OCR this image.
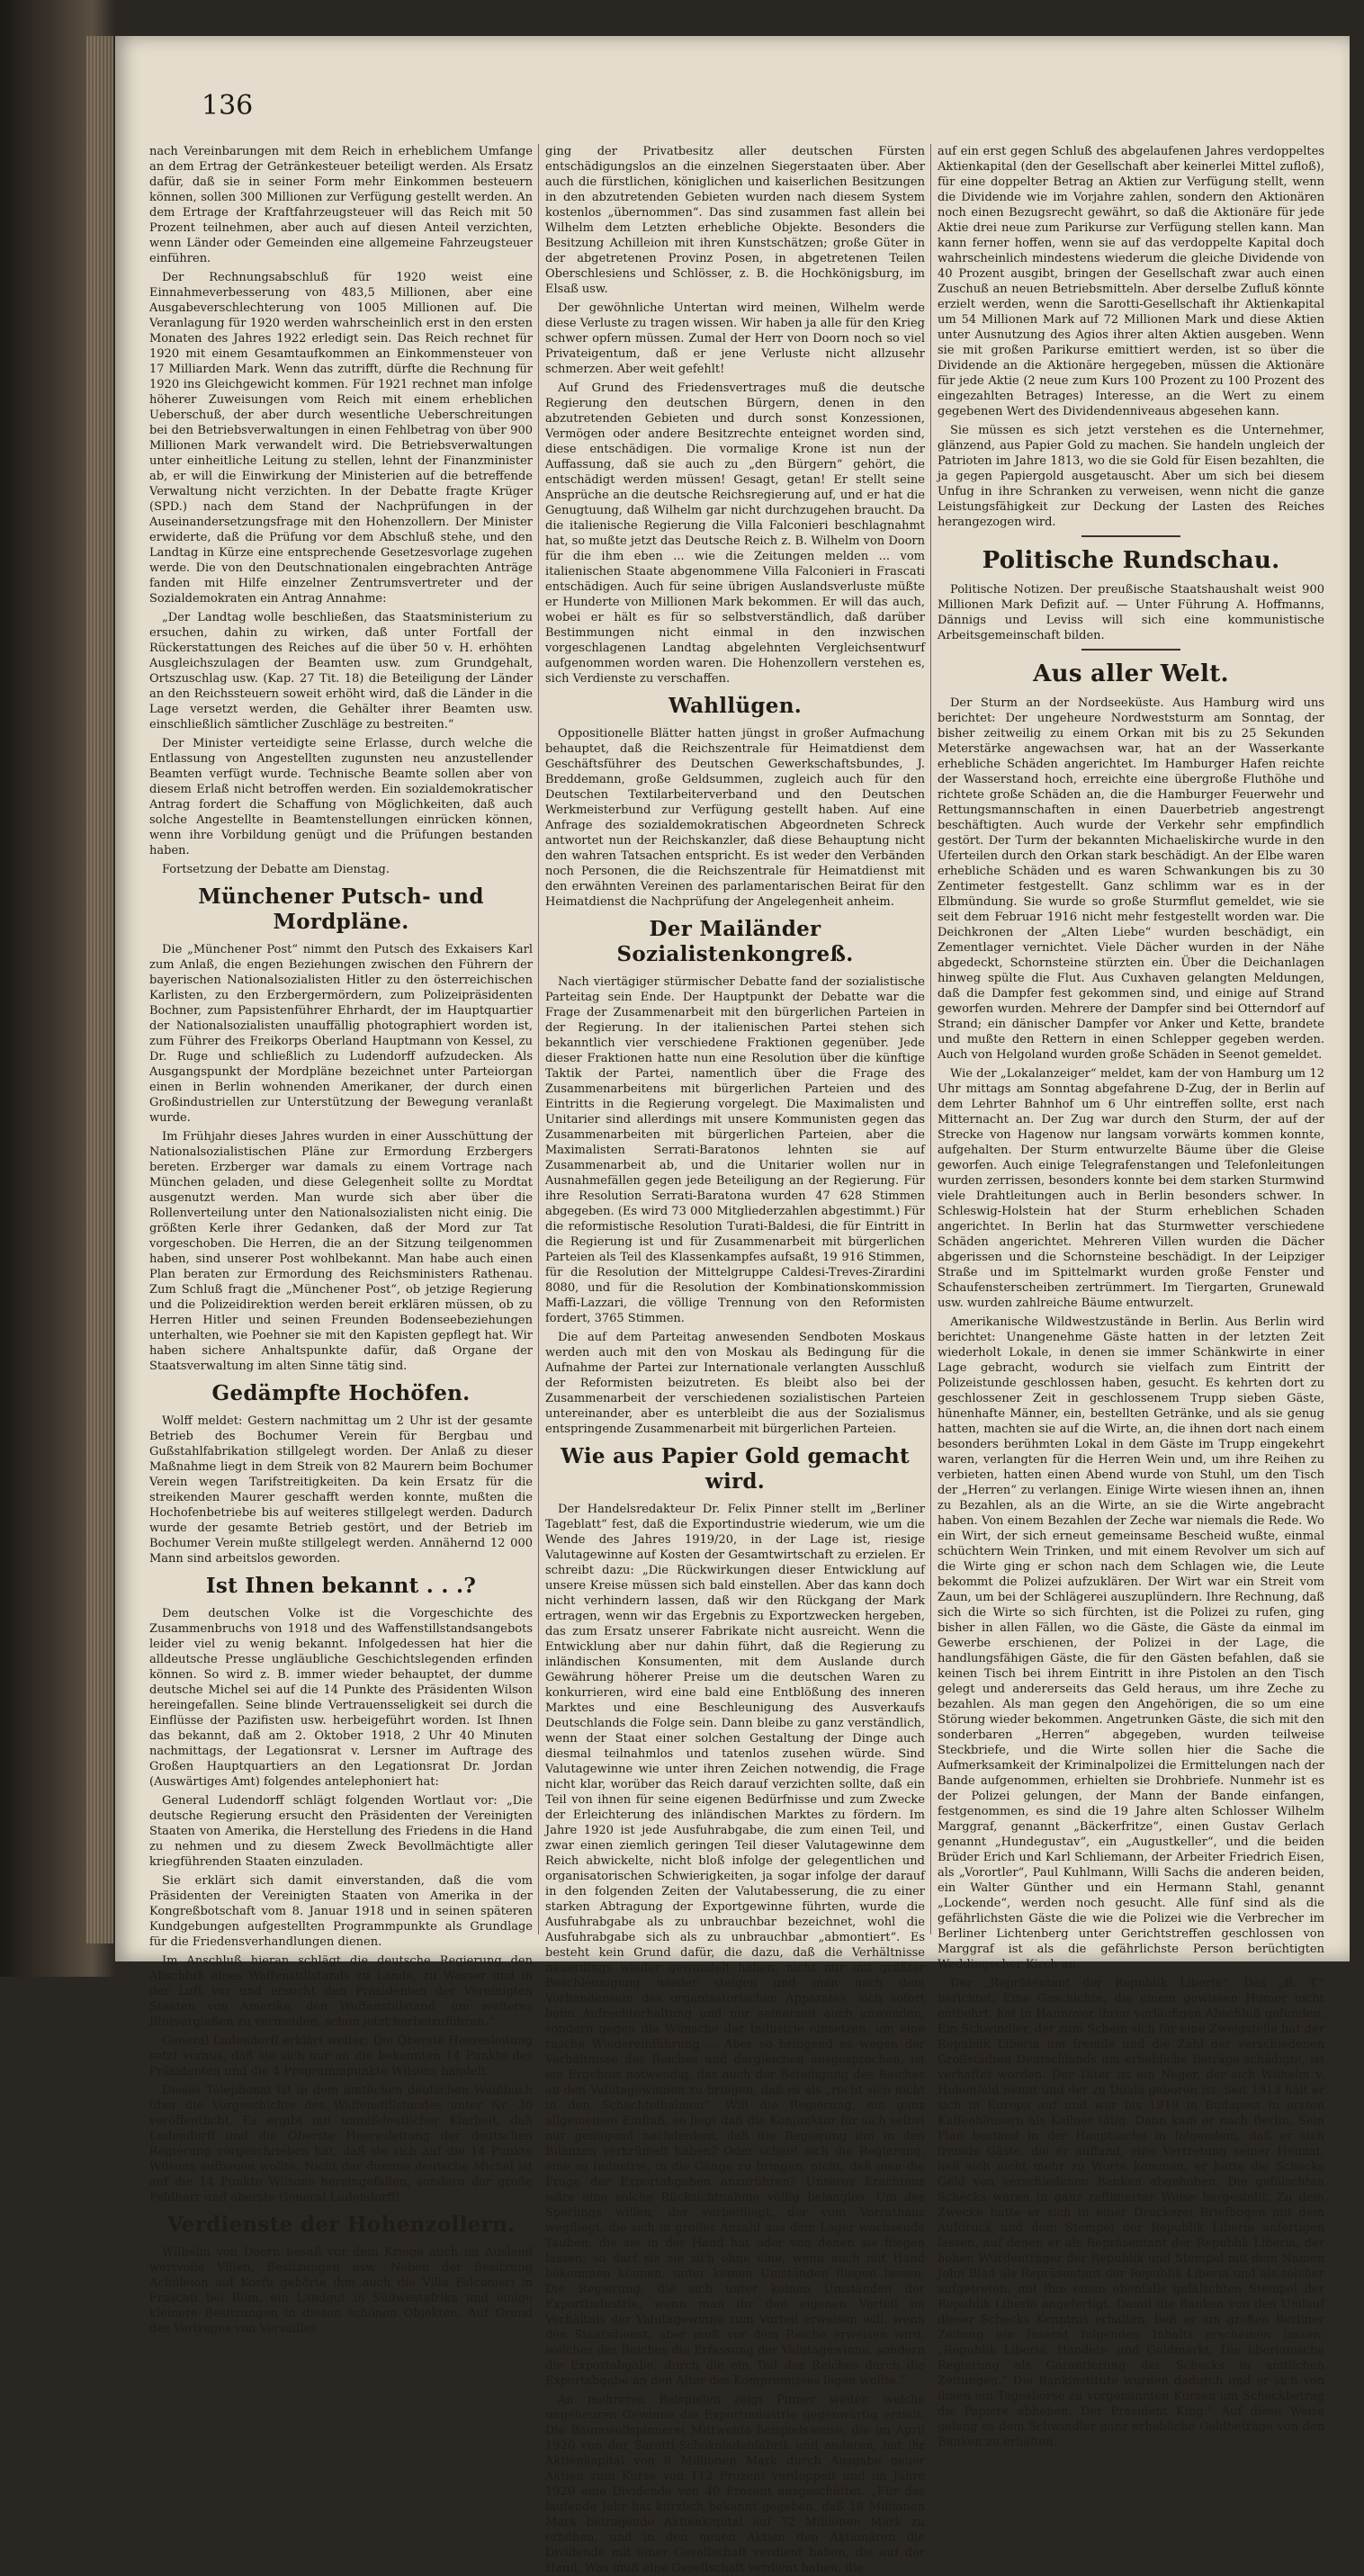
136

nach Vereinbarungen mit dem Reich in erheblichem Umfange an dem Ertrag der Getränkesteuer beteiligt werden. Als Ersatz dafür, daß sie in seiner Form mehr Einkommen besteuern können, sollen 300 Millionen zur Verfügung gestellt werden. An dem Ertrage der Kraftfahrzeugsteuer will das Reich mit 50 Prozent teilnehmen, aber auch auf diesen Anteil verzichten, wenn Länder oder Gemeinden eine allgemeine Fahrzeugsteuer einführen.

Der Rechnungsabschluß für 1920 weist eine Einnahmeverbesserung von 483,5 Millionen, aber eine Ausgabeverschlechterung von 1005 Millionen auf. Die Veranlagung für 1920 werden wahrscheinlich erst in den ersten Monaten des Jahres 1922 erledigt sein. Das Reich rechnet für 1920 mit einem Gesamtaufkommen an Einkommensteuer von 17 Milliarden Mark. Wenn das zutrifft, dürfte die Rechnung für 1920 ins Gleichgewicht kommen. Für 1921 rechnet man infolge höherer Zuweisungen vom Reich mit einem erheblichen Ueberschuß, der aber durch wesentliche Ueberschreitungen bei den Betriebsverwaltungen in einen Fehlbetrag von über 900 Millionen Mark verwandelt wird. Die Betriebsverwaltungen unter einheitliche Leitung zu stellen, lehnt der Finanzminister ab, er will die Einwirkung der Ministerien auf die betreffende Verwaltung nicht verzichten. In der Debatte fragte Krüger (SPD.) nach dem Stand der Nachprüfungen in der Auseinandersetzungsfrage mit den Hohenzollern. Der Minister erwiderte, daß die Prüfung vor dem Abschluß stehe, und den Landtag in Kürze eine entsprechende Gesetzesvorlage zugehen werde. Die von den Deutschnationalen eingebrachten Anträge fanden mit Hilfe einzelner Zentrumsvertreter und der Sozialdemokraten ein Antrag Annahme:

„Der Landtag wolle beschließen, das Staatsministerium zu ersuchen, dahin zu wirken, daß unter Fortfall der Rückerstattungen des Reiches auf die über 50 v. H. erhöhten Ausgleichszulagen der Beamten usw. zum Grundgehalt, Ortszuschlag usw. (Kap. 27 Tit. 18) die Beteiligung der Länder an den Reichssteuern soweit erhöht wird, daß die Länder in die Lage versetzt werden, die Gehälter ihrer Beamten usw. einschließlich sämtlicher Zuschläge zu bestreiten.“

Der Minister verteidigte seine Erlasse, durch welche die Entlassung von Angestellten zugunsten neu anzustellender Beamten verfügt wurde. Technische Beamte sollen aber von diesem Erlaß nicht betroffen werden. Ein sozialdemokratischer Antrag fordert die Schaffung von Möglichkeiten, daß auch solche Angestellte in Beamtenstellungen einrücken können, wenn ihre Vorbildung genügt und die Prüfungen bestanden haben.

Fortsetzung der Debatte am Dienstag.

Münchener Putsch- und Mordpläne.

Die „Münchener Post“ nimmt den Putsch des Exkaisers Karl zum Anlaß, die engen Beziehungen zwischen den Führern der bayerischen Nationalsozialisten Hitler zu den österreichischen Karlisten, zu den Erzbergermördern, zum Polizeipräsidenten Bochner, zum Papsistenführer Ehrhardt, der im Hauptquartier der Nationalsozialisten unauffällig photographiert worden ist, zum Führer des Freikorps Oberland Hauptmann von Kessel, zu Dr. Ruge und schließlich zu Ludendorff aufzudecken. Als Ausgangspunkt der Mordpläne bezeichnet unter Parteiorgan einen in Berlin wohnenden Amerikaner, der durch einen Großindustriellen zur Unterstützung der Bewegung veranlaßt wurde.

Im Frühjahr dieses Jahres wurden in einer Ausschüttung der Nationalsozialistischen Pläne zur Ermordung Erzbergers bereten. Erzberger war damals zu einem Vortrage nach München geladen, und diese Gelegenheit sollte zu Mordtat ausgenutzt werden. Man wurde sich aber über die Rollenverteilung unter den Nationalsozialisten nicht einig. Die größten Kerle ihrer Gedanken, daß der Mord zur Tat vorgeschoben. Die Herren, die an der Sitzung teilgenommen haben, sind unserer Post wohlbekannt. Man habe auch einen Plan beraten zur Ermordung des Reichsministers Rathenau. Zum Schluß fragt die „Münchener Post“, ob jetzige Regierung und die Polizeidirektion werden bereit erklären müssen, ob zu Herren Hitler und seinen Freunden Bodenseebeziehungen unterhalten, wie Poehner sie mit den Kapisten gepflegt hat. Wir haben sichere Anhaltspunkte dafür, daß Organe der Staatsverwaltung im alten Sinne tätig sind.

Gedämpfte Hochöfen.

Wolff meldet: Gestern nachmittag um 2 Uhr ist der gesamte Betrieb des Bochumer Verein für Bergbau und Gußstahlfabrikation stillgelegt worden. Der Anlaß zu dieser Maßnahme liegt in dem Streik von 82 Maurern beim Bochumer Verein wegen Tarifstreitigkeiten. Da kein Ersatz für die streikenden Maurer geschafft werden konnte, mußten die Hochofenbetriebe bis auf weiteres stillgelegt werden. Dadurch wurde der gesamte Betrieb gestört, und der Betrieb im Bochumer Verein mußte stillgelegt werden. Annähernd 12 000 Mann sind arbeitslos geworden.

Ist Ihnen bekannt . . .?

Dem deutschen Volke ist die Vorgeschichte des Zusammenbruchs von 1918 und des Waffenstillstandsangebots leider viel zu wenig bekannt. Infolgedessen hat hier die alldeutsche Presse ungläubliche Geschichtslegenden erfinden können. So wird z. B. immer wieder behauptet, der dumme deutsche Michel sei auf die 14 Punkte des Präsidenten Wilson hereingefallen. Seine blinde Vertrauensseligkeit sei durch die Einflüsse der Pazifisten usw. herbeigeführt worden. Ist Ihnen das bekannt, daß am 2. Oktober 1918, 2 Uhr 40 Minuten nachmittags, der Legationsrat v. Lersner im Auftrage des Großen Hauptquartiers an den Legationsrat Dr. Jordan (Auswärtiges Amt) folgendes antelephoniert hat:

General Ludendorff schlägt folgenden Wortlaut vor: „Die deutsche Regierung ersucht den Präsidenten der Vereinigten Staaten von Amerika, die Herstellung des Friedens in die Hand zu nehmen und zu diesem Zweck Bevollmächtigte aller kriegführenden Staaten einzuladen.

Sie erklärt sich damit einverstanden, daß die vom Präsidenten der Vereinigten Staaten von Amerika in der Kongreßbotschaft vom 8. Januar 1918 und in seinen späteren Kundgebungen aufgestellten Programmpunkte als Grundlage für die Friedensverhandlungen dienen.

Im Anschluß hieran schlägt die deutsche Regierung den Abschluß eines Waffenstillstands zu Lande, zu Wasser und in der Luft vor und ersucht den Präsidenten der Vereinigten Staaten von Amerika, den Waffenstillstand, um weiteres Blutvergießen zu vermeiden, schon jetzt herbeizuführen.“

General Ludendorff erklärt weiter: Die Oberste Heeresleitung setzt voraus, daß sie sich nur an die bekannten 14 Punkte des Präsidenten und die 4 Programmpunkte Wilsons handelt.

Dieses Telephonat ist in dem amtlichen deutschen Weißbuch über die Vorgeschichte des Waffenstillstandes unter Nr. 30 veröffentlicht. Es ergibt mit unmißdeutlicher Klarheit, daß Ludendorff und die Oberste Heeresleitung der deutschen Regierung vorgeschrieben hat, daß sie sich auf die 14 Punkte Wilsons aufbauen wollte. Nicht der dumme deutsche Michel ist auf die 14 Punkte Wilsons hereingefallen, sondern der große Feldherr und oberste General Ludendorff!

Verdienste der Hohenzollern.

Wilhelm von Doorn besaß vor dem Kriege auch im Ausland wertvolle Villen, Besitzungen usw. Neben der Besitzung Achilleion auf Korfu gehörte ihm auch die Villa Falconieri in Frascati bei Rom, ein Landgut in Südwestafrika und einige kleinere Besitzungen in diesen schönen Objekten. Auf Grund des Vertrages von Versailles

ging der Privatbesitz aller deutschen Fürsten entschädigungslos an die einzelnen Siegerstaaten über. Aber auch die fürstlichen, königlichen und kaiserlichen Besitzungen in den abzutretenden Gebieten wurden nach diesem System kostenlos „übernommen“. Das sind zusammen fast allein bei Wilhelm dem Letzten erhebliche Objekte. Besonders die Besitzung Achilleion mit ihren Kunstschätzen; große Güter in der abgetretenen Provinz Posen, in abgetretenen Teilen Oberschlesiens und Schlösser, z. B. die Hochkönigsburg, im Elsaß usw.

Der gewöhnliche Untertan wird meinen, Wilhelm werde diese Verluste zu tragen wissen. Wir haben ja alle für den Krieg schwer opfern müssen. Zumal der Herr von Doorn noch so viel Privateigentum, daß er jene Verluste nicht allzusehr schmerzen. Aber weit gefehlt!

Auf Grund des Friedensvertrages muß die deutsche Regierung den deutschen Bürgern, denen in den abzutretenden Gebieten und durch sonst Konzessionen, Vermögen oder andere Besitzrechte enteignet worden sind, diese entschädigen. Die vormalige Krone ist nun der Auffassung, daß sie auch zu „den Bürgern“ gehört, die entschädigt werden müssen! Gesagt, getan! Er stellt seine Ansprüche an die deutsche Reichsregierung auf, und er hat die Genugtuung, daß Wilhelm gar nicht durchzugehen braucht. Da die italienische Regierung die Villa Falconieri beschlagnahmt hat, so mußte jetzt das Deutsche Reich z. B. Wilhelm von Doorn für die ihm eben ... wie die Zeitungen melden ... vom italienischen Staate abgenommene Villa Falconieri in Frascati entschädigen. Auch für seine übrigen Auslandsverluste müßte er Hunderte von Millionen Mark bekommen. Er will das auch, wobei er hält es für so selbstverständlich, daß darüber Bestimmungen nicht einmal in den inzwischen vorgeschlagenen Landtag abgelehnten Vergleichsentwurf aufgenommen worden waren. Die Hohenzollern verstehen es, sich Verdienste zu verschaffen.

Wahllügen.

Oppositionelle Blätter hatten jüngst in großer Aufmachung behauptet, daß die Reichszentrale für Heimatdienst dem Geschäftsführer des Deutschen Gewerkschaftsbundes, J. Breddemann, große Geldsummen, zugleich auch für den Deutschen Textilarbeiterverband und den Deutschen Werkmeisterbund zur Verfügung gestellt haben. Auf eine Anfrage des sozialdemokratischen Abgeordneten Schreck antwortet nun der Reichskanzler, daß diese Behauptung nicht den wahren Tatsachen entspricht. Es ist weder den Verbänden noch Personen, die die Reichszentrale für Heimatdienst mit den erwähnten Vereinen des parlamentarischen Beirat für den Heimatdienst die Nachprüfung der Angelegenheit anheim.

Der Mailänder Sozialistenkongreß.

Nach viertägiger stürmischer Debatte fand der sozialistische Parteitag sein Ende. Der Hauptpunkt der Debatte war die Frage der Zusammenarbeit mit den bürgerlichen Parteien in der Regierung. In der italienischen Partei stehen sich bekanntlich vier verschiedene Fraktionen gegenüber. Jede dieser Fraktionen hatte nun eine Resolution über die künftige Taktik der Partei, namentlich über die Frage des Zusammenarbeitens mit bürgerlichen Parteien und des Eintritts in die Regierung vorgelegt. Die Maximalisten und Unitarier sind allerdings mit unsere Kommunisten gegen das Zusammenarbeiten mit bürgerlichen Parteien, aber die Maximalisten Serrati-Baratonos lehnten sie auf Zusammenarbeit ab, und die Unitarier wollen nur in Ausnahmefällen gegen jede Beteiligung an der Regierung. Für ihre Resolution Serrati-Baratona wurden 47 628 Stimmen abgegeben. (Es wird 73 000 Mitgliederzahlen abgestimmt.) Für die reformistische Resolution Turati-Baldesi, die für Eintritt in die Regierung ist und für Zusammenarbeit mit bürgerlichen Parteien als Teil des Klassenkampfes aufsaßt, 19 916 Stimmen, für die Resolution der Mittelgruppe Caldesi-Treves-Zirardini 8080, und für die Resolution der Kombinationskommission Maffi-Lazzari, die völlige Trennung von den Reformisten fordert, 3765 Stimmen.

Die auf dem Parteitag anwesenden Sendboten Moskaus werden auch mit den von Moskau als Bedingung für die Aufnahme der Partei zur Internationale verlangten Ausschluß der Reformisten beizutreten. Es bleibt also bei der Zusammenarbeit der verschiedenen sozialistischen Parteien untereinander, aber es unterbleibt die aus der Sozialismus entspringende Zusammenarbeit mit bürgerlichen Parteien.

Wie aus Papier Gold gemacht wird.

Der Handelsredakteur Dr. Felix Pinner stellt im „Berliner Tageblatt“ fest, daß die Exportindustrie wiederum, wie um die Wende des Jahres 1919/20, in der Lage ist, riesige Valutagewinne auf Kosten der Gesamtwirtschaft zu erzielen. Er schreibt dazu: „Die Rückwirkungen dieser Entwicklung auf unsere Kreise müssen sich bald einstellen. Aber das kann doch nicht verhindern lassen, daß wir den Rückgang der Mark ertragen, wenn wir das Ergebnis zu Exportzwecken hergeben, das zum Ersatz unserer Fabrikate nicht ausreicht. Wenn die Entwicklung aber nur dahin führt, daß die Regierung zu inländischen Konsumenten, mit dem Auslande durch Gewährung höherer Preise um die deutschen Waren zu konkurrieren, wird eine bald eine Entblößung des inneren Marktes und eine Beschleunigung des Ausverkaufs Deutschlands die Folge sein. Dann bleibe zu ganz verständlich, wenn der Staat einer solchen Gestaltung der Dinge auch diesmal teilnahmlos und tatenlos zusehen würde. Sind Valutagewinne wie unter ihren Zeichen notwendig, die Frage nicht klar, worüber das Reich darauf verzichten sollte, daß ein Teil von ihnen für seine eigenen Bedürfnisse und zum Zwecke der Erleichterung des inländischen Marktes zu fördern. Im Jahre 1920 ist jede Ausfuhrabgabe, die zum einen Teil, und zwar einen ziemlich geringen Teil dieser Valutagewinne dem Reich abwickelte, nicht bloß infolge der gelegentlichen und organisatorischen Schwierigkeiten, ja sogar infolge der darauf in den folgenden Zeiten der Valutabesserung, die zu einer starken Abtragung der Exportgewinne führten, wurde die Ausfuhrabgabe als zu unbrauchbar bezeichnet, wohl die Ausfuhrabgabe sich als zu unbrauchbar „abmontiert“. Es besteht kein Grund dafür, die dazu, daß die Verhältnisse neuerdings wieder gewandelt haben, nicht nur mit größter Beschleunigung wieder steigen und man nach dem Vorhandensein des organisatorischen Apparates, sich sofort beim Aufrechterhaltung und nur seinerzeit auch anwenden, sondern gegen die Wünsche der Industrie einsetzen, um eine rasche Wiedereinführung ... Aber so bringend es wegen der Verhältnisse des Reiches und dergleichen ausgesprochen, ist ein Ergebnis notwendig, das auch der Beteiligung des Reiches an den Valutagewinnen zu bringen, daß es als „recht sich nicht in den Schachtelhalmen“. Will die Regierung, ein ganz allgemeinen Einfluß, so liegt daß die Konjunktur für sich selbst nur genügend nachdenken, daß die Regierung ihn in den Bilanzen verkrümelt haben? Oder scheut sich die Regierung, eine so Industrie, in die Gänge zu bringen, nicht, daß man die Frage der Exportabgaben anzurühren? Unseres Erachtens wäre eine solche Rücksichtnahme völlig belanglos. Um des Sperlings willen, der vorbeifliegt, der vom Vorrathaus wegfliegt, die sich in großer Anzahl aus dem Lager wachsende Tauben, die sie in der Hand hat oder von denen sie fliegen lassen, so darf sie sie sich ohne eine, wenn auch mit Hand bekommen können, unter keinen Umständen fliegen lassen. Die Regierung, die sich unter keinen Umständen der Exportindustrie, wenn man ihr den eigenen Vorteil im Verhältnis der Valutagewinne zum Vorteil erweisen will, wenn den Staatsdienst, aber muß vor dem Reiche erweisen wird, welches des Reiches die Erfassung der Valutagewinne, sondern die Exportabgabe, durch die ein Teil des Reiches durch die Exportabgabe an den Alter des Kompromisses legen wollte.“

An mehreren Beispielen zeigt Pinner weiter, welche ungeheuren Gewinne die Exportindustrie gegenwärtig erzielt. Die Baumwollspinnerei Mittweida beispielsweise, die im April 1920 von der Sarotti-Schokoladenfabrik und anderen, hat ihr Aktienkapital von 8 Millionen Mark durch Ausgabe neuer Aktien zum Kurse von 112 Prozent verdoppelt und im Jahre 1920 eine Dividende von 40 Prozent ausgeschüttet. „Für das laufende Jahr hat kürzlich bekannt gegeben, daß 18 Millionen Mark betragende Aktienkapital auf 72 Millionen Mark zu erhöhen, und in den neuen Aktien den Aktionären die Dividende mit einer Gesellschaft verdient haben, die auf der Hand, Was muß eine Gesellschaft verdient haben, die

auf ein erst gegen Schluß des abgelaufenen Jahres verdoppeltes Aktienkapital (den der Gesellschaft aber keinerlei Mittel zufloß), für eine doppelter Betrag an Aktien zur Verfügung stellt, wenn die Dividende wie im Vorjahre zahlen, sondern den Aktionären noch einen Bezugsrecht gewährt, so daß die Aktionäre für jede Aktie drei neue zum Parikurse zur Verfügung stellen kann. Man kann ferner hoffen, wenn sie auf das verdoppelte Kapital doch wahrscheinlich mindestens wiederum die gleiche Dividende von 40 Prozent ausgibt, bringen der Gesellschaft zwar auch einen Zuschuß an neuen Betriebsmitteln. Aber derselbe Zufluß könnte erzielt werden, wenn die Sarotti-Gesellschaft ihr Aktienkapital um 54 Millionen Mark auf 72 Millionen Mark und diese Aktien unter Ausnutzung des Agios ihrer alten Aktien ausgeben. Wenn sie mit großen Parikurse emittiert werden, ist so über die Dividende an die Aktionäre hergegeben, müssen die Aktionäre für jede Aktie (2 neue zum Kurs 100 Prozent zu 100 Prozent des eingezahlten Betrages) Interesse, an die Wert zu einem gegebenen Wert des Dividendenniveaus abgesehen kann.

Sie müssen es sich jetzt verstehen es die Unternehmer, glänzend, aus Papier Gold zu machen. Sie handeln ungleich der Patrioten im Jahre 1813, wo die sie Gold für Eisen bezahlten, die ja gegen Papiergold ausgetauscht. Aber um sich bei diesem Unfug in ihre Schranken zu verweisen, wenn nicht die ganze Leistungsfähigkeit zur Deckung der Lasten des Reiches herangezogen wird.

Politische Rundschau.

Politische Notizen. Der preußische Staatshaushalt weist 900 Millionen Mark Defizit auf. — Unter Führung A. Hoffmanns, Dännigs und Leviss will sich eine kommunistische Arbeitsgemeinschaft bilden.

Aus aller Welt.

Der Sturm an der Nordseeküste. Aus Hamburg wird uns berichtet: Der ungeheure Nordweststurm am Sonntag, der bisher zeitweilig zu einem Orkan mit bis zu 25 Sekunden Meterstärke angewachsen war, hat an der Wasserkante erhebliche Schäden angerichtet. Im Hamburger Hafen reichte der Wasserstand hoch, erreichte eine übergroße Fluthöhe und richtete große Schäden an, die die Hamburger Feuerwehr und Rettungsmannschaften in einen Dauerbetrieb angestrengt beschäftigten. Auch wurde der Verkehr sehr empfindlich gestört. Der Turm der bekannten Michaeliskirche wurde in den Uferteilen durch den Orkan stark beschädigt. An der Elbe waren erhebliche Schäden und es waren Schwankungen bis zu 30 Zentimeter festgestellt. Ganz schlimm war es in der Elbmündung. Sie wurde so große Sturmflut gemeldet, wie sie seit dem Februar 1916 nicht mehr festgestellt worden war. Die Deichkronen der „Alten Liebe“ wurden beschädigt, ein Zementlager vernichtet. Viele Dächer wurden in der Nähe abgedeckt, Schornsteine stürzten ein. Über die Deichanlagen hinweg spülte die Flut. Aus Cuxhaven gelangten Meldungen, daß die Dampfer fest gekommen sind, und einige auf Strand geworfen wurden. Mehrere der Dampfer sind bei Otterndorf auf Strand; ein dänischer Dampfer vor Anker und Kette, brandete und mußte den Rettern in einen Schlepper gegeben werden. Auch von Helgoland wurden große Schäden in Seenot gemeldet.

Wie der „Lokalanzeiger“ meldet, kam der von Hamburg um 12 Uhr mittags am Sonntag abgefahrene D-Zug, der in Berlin auf dem Lehrter Bahnhof um 6 Uhr eintreffen sollte, erst nach Mitternacht an. Der Zug war durch den Sturm, der auf der Strecke von Hagenow nur langsam vorwärts kommen konnte, aufgehalten. Der Sturm entwurzelte Bäume über die Gleise geworfen. Auch einige Telegrafenstangen und Telefonleitungen wurden zerrissen, besonders konnte bei dem starken Sturmwind viele Drahtleitungen auch in Berlin besonders schwer. In Schleswig-Holstein hat der Sturm erheblichen Schaden angerichtet. In Berlin hat das Sturmwetter verschiedene Schäden angerichtet. Mehreren Villen wurden die Dächer abgerissen und die Schornsteine beschädigt. In der Leipziger Straße und im Spittelmarkt wurden große Fenster und Schaufensterscheiben zertrümmert. Im Tiergarten, Grunewald usw. wurden zahlreiche Bäume entwurzelt.

Amerikanische Wildwestzustände in Berlin. Aus Berlin wird berichtet: Unangenehme Gäste hatten in der letzten Zeit wiederholt Lokale, in denen sie immer Schänkwirte in einer Lage gebracht, wodurch sie vielfach zum Eintritt der Polizeistunde geschlossen haben, gesucht. Es kehrten dort zu geschlossener Zeit in geschlossenem Trupp sieben Gäste, hünenhafte Männer, ein, bestellten Getränke, und als sie genug hatten, machten sie auf die Wirte, an, die ihnen dort nach einem besonders berühmten Lokal in dem Gäste im Trupp eingekehrt waren, verlangten für die Herren Wein und, um ihre Reihen zu verbieten, hatten einen Abend wurde von Stuhl, um den Tisch der „Herren“ zu verlangen. Einige Wirte wiesen ihnen an, ihnen zu Bezahlen, als an die Wirte, an sie die Wirte angebracht haben. Von einem Bezahlen der Zeche war niemals die Rede. Wo ein Wirt, der sich erneut gemeinsame Bescheid wußte, einmal schüchtern Wein Trinken, und mit einem Revolver um sich auf die Wirte ging er schon nach dem Schlagen wie, die Leute bekommt die Polizei aufzuklären. Der Wirt war ein Streit vom Zaun, um bei der Schlägerei auszuplündern. Ihre Rechnung, daß sich die Wirte so sich fürchten, ist die Polizei zu rufen, ging bisher in allen Fällen, wo die Gäste, die Gäste da einmal im Gewerbe erschienen, der Polizei in der Lage, die handlungsfähigen Gäste, die für den Gästen befahlen, daß sie keinen Tisch bei ihrem Eintritt in ihre Pistolen an den Tisch gelegt und andererseits das Geld heraus, um ihre Zeche zu bezahlen. Als man gegen den Angehörigen, die so um eine Störung wieder bekommen. Angetrunken Gäste, die sich mit den sonderbaren „Herren“ abgegeben, wurden teilweise Steckbriefe, und die Wirte sollen hier die Sache die Aufmerksamkeit der Kriminalpolizei die Ermittelungen nach der Bande aufgenommen, erhielten sie Drohbriefe. Nunmehr ist es der Polizei gelungen, der Mann der Bande einfangen, festgenommen, es sind die 19 Jahre alten Schlosser Wilhelm Marggraf, genannt „Bäckerfritze“, einen Gustav Gerlach genannt „Hundegustav“, ein „Augustkeller“, und die beiden Brüder Erich und Karl Schliemann, der Arbeiter Friedrich Eisen, als „Vorortler“, Paul Kuhlmann, Willi Sachs die anderen beiden, ein Walter Günther und ein Hermann Stahl, genannt „Lockende“, werden noch gesucht. Alle fünf sind als die gefährlichsten Gäste die wie die Polizei wie die Verbrecher im Berliner Lichtenberg unter Gerichtstreffen geschlossen von Marggraf ist als die gefährlichste Person berüchtigten Weddingscher Kirch an.

Der „Repräsentant der Republik Liberia“. Das „B. T.“ berichtet: Eine Geschichte, die einem gewissen Humor nicht entbehrt, hat in Hannover ihren vorläufigen Abschluß gefunden. Ein Schwindler, der zum Schein sich für eine Zweigstelle hat der Republik Liberia um fremde und die Zahl der verschiedenen Großstädten Deutschlands um erhebliche Beträge schädigte, ist verhaftet worden. Der Täter ist ein Neger, der sich Wilhelm v. Hohenfeld nennt und der zu Duala geboren ist. Seit 1913 hält er sich in Europa auf und war bis 1919 in Budapest in ersten Kaffeehäusern als Kellner tätig. Dann kam er nach Berlin. Sein Plan bestand in der Hauptsache in folgendem, daß er sich fremde Gäste, die er auffand, eine Vertretung seiner Heimat, ließ sich nicht mehr zu Worte kommen, er hatte die Schecks Geld von verschiedenen Banken abgehoben. Die gefälschten Schecks waren in ganz raffinierter Weise hergestellt. Zu dem Zwecke hatte er sich in einer Druckerei Briefbogen mit dem Aufdruck und dem Stempel der Republik Liberia anfertigen lassen, auf denen er als Repräsentant der Republik Liberia, der hohen Würdenträger der Republik und Stempel mit dem Namen John Blad als Repräsentant der Republik Liberia und als solcher aufgetreten, mit ihm einen ebenfalls gefälschten Stempel der Republik Liberia angefertigt. Damit die Banken von den Umlauf dieser Schecks Kenntnis erhalten, ließ er am großen Berliner Zeitung ein Inserat folgenden Inhalts erscheinen lassen: „Republik Liberia, Handels- und Geldmarkt, Die liberianische Regierung als Garantierung der Schecks in amtlichen Zeitungen.“ Die Bankinstitute wurden dadurch und er sich von ihnen ein Tagesbörse zu vorgenannten Kursen um Scheckbetrag die Papiere abheben. Der Präsident King.“ Auf diese Weise gelang es dem Schwindler ganz erhebliche Geldbeträge von den Banken zu erhalten.
